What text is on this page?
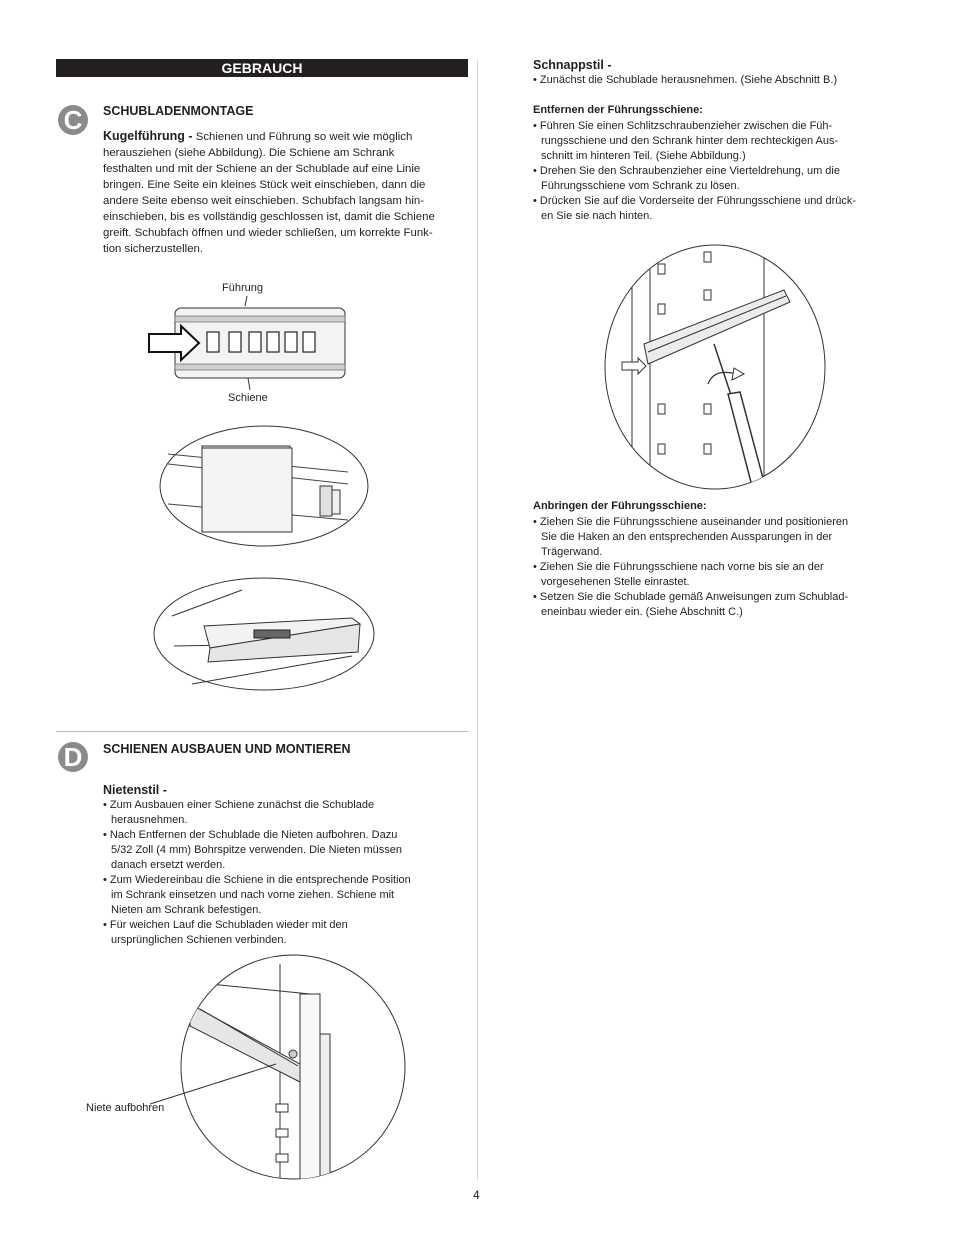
GEBRAUCH
C	SCHUBLADENMONTAGE
Kugelführung - Schienen und Führung so weit wie möglich
herausziehen (siehe Abbildung). Die Schiene am Schrank
festhalten und mit der Schiene an der Schublade auf eine Linie
bringen. Eine Seite ein kleines Stück weit einschieben, dann die
andere Seite ebenso weit einschieben. Schubfach langsam hin-
einschieben, bis es vollständig geschlossen ist, damit die Schiene
greift. Schubfach öffnen und wieder schließen, um korrekte Funk-
tion sicherzustellen.
Führung
Schiene
D	SCHIENEN AUSBAUEN UND MONTIEREN
Nietenstil -
• Zum Ausbauen einer Schiene zunächst die Schublade
herausnehmen.
• Nach Entfernen der Schublade die Nieten aufbohren. Dazu
5/32 Zoll (4 mm) Bohrspitze verwenden. Die Nieten müssen
danach ersetzt werden.
• Zum Wiedereinbau die Schiene in die entsprechende Position
im Schrank einsetzen und nach vorne ziehen. Schiene mit
Nieten am Schrank befestigen.
• Für weichen Lauf die Schubladen wieder mit den
ursprünglichen Schienen verbinden.
Niete aufbohren
Schnappstil -
• Zunächst die Schublade herausnehmen. (Siehe Abschnitt B.)
Entfernen der Führungsschiene:
• Führen Sie einen Schlitzschraubenzieher zwischen die Füh-
rungsschiene und den Schrank hinter dem rechteckigen Aus-
schnitt im hinteren Teil. (Siehe Abbildung.)
• Drehen Sie den Schraubenzieher eine Vierteldrehung, um die
Führungsschiene vom Schrank zu lösen.
• Drücken Sie auf die Vorderseite der Führungsschiene und drück-
en Sie sie nach hinten.
Anbringen der Führungsschiene:
• Ziehen Sie die Führungsschiene auseinander und positionieren
Sie die Haken an den entsprechenden Aussparungen in der
Trägerwand.
• Ziehen Sie die Führungsschiene nach vorne bis sie an der
vorgesehenen Stelle einrastet.
• Setzen Sie die Schublade gemäß Anweisungen zum Schublad-
eneinbau wieder ein. (Siehe Abschnitt C.)
4
